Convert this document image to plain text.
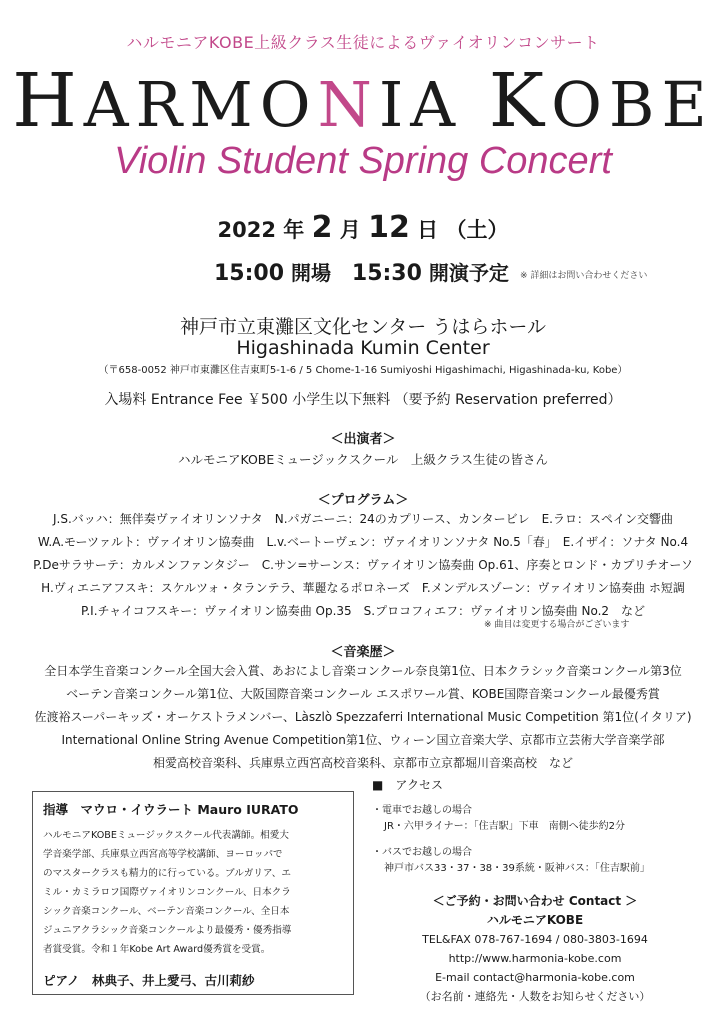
ハルモニアKOBE上級クラス生徒によるヴァイオリンコンサート
HARMONIA KOBE
Violin Student Spring Concert
2022 年 2 月 12 日 （土）
15:00 開場 15:30 開演予定 ※ 詳細はお問い合わせください
神戸市立東灘区文化センター うはらホール
Higashinada Kumin Center
（〒658-0052 神戸市東灘区住吉東町5-1-6 / 5 Chome-1-16 Sumiyoshi Higashimachi, Higashinada-ku, Kobe）
入場料 Entrance Fee ￥500 小学生以下無料 （要予約 Reservation preferred）
＜出演者＞
ハルモニアKOBEミュージックスクール　上級クラス生徒の皆さん
＜プログラム＞
J.S.バッハ：無伴奏ヴァイオリンソナタ　N.パガニーニ：24のカプリース、カンタービレ　E.ラロ：スペイン交響曲
W.A.モーツァルト：ヴァイオリン協奏曲　L.v.ベートーヴェン：ヴァイオリンソナタ No.5「春」　E.イザイ：ソナタ No.4
P.Deサラサーテ：カルメンファンタジー　C.サン=サーンス：ヴァイオリン協奏曲 Op.61、序奏とロンド・カプリチオーソ
H.ヴィエニアフスキ：スケルツォ・タランテラ、華麗なるポロネーズ　F.メンデルスゾーン：ヴァイオリン協奏曲 ホ短調
P.I.チャイコフスキー：ヴァイオリン協奏曲 Op.35　S.プロコフィエフ：ヴァイオリン協奏曲 No.2　など
※ 曲目は変更する場合がございます
＜音楽歴＞
全日本学生音楽コンクール全国大会入賞、あおによし音楽コンクール奈良第1位、日本クラシック音楽コンクール第3位
ベーテン音楽コンクール第1位、大阪国際音楽コンクール エスポワール賞、KOBE国際音楽コンクール最優秀賞
佐渡裕スーパーキッズ・オーケストラメンバー、Làszlò Spezzaferri International Music Competition 第1位(イタリア)
International Online String Avenue Competition第1位、ウィーン国立音楽大学、京都市立芸術大学音楽学部
相愛高校音楽科、兵庫県立西宮高校音楽科、京都市立京都堀川音楽高校　など
指導　マウロ・イウラート Mauro IURATO
ハルモニアKOBEミュージックスクール代表講師。相愛大
学音楽学部、兵庫県立西宮高等学校講師、ヨーロッパで
のマスタークラスも精力的に行っている。ブルガリア、エ
ミル・カミラロフ国際ヴァイオリンコンクール、日本クラ
シック音楽コンクール、ベーテン音楽コンクール、全日本
ジュニアクラシック音楽コンクールより最優秀・優秀指導
者賞受賞。令和１年Kobe Art Award優秀賞を受賞。
ピアノ　林典子、井上愛弓、古川莉紗
■　アクセス
・電車でお越しの場合
JR・六甲ライナー：「住吉駅」下車　南側へ徒歩約2分
・バスでお越しの場合
神戸市バス33・37・38・39系統・阪神バス：「住吉駅前」
＜ご予約・お問い合わせ Contact ＞
ハルモニアKOBE
TEL&FAX 078-767-1694 / 080-3803-1694
http://www.harmonia-kobe.com
E-mail contact@harmonia-kobe.com
（お名前・連絡先・人数をお知らせください）
